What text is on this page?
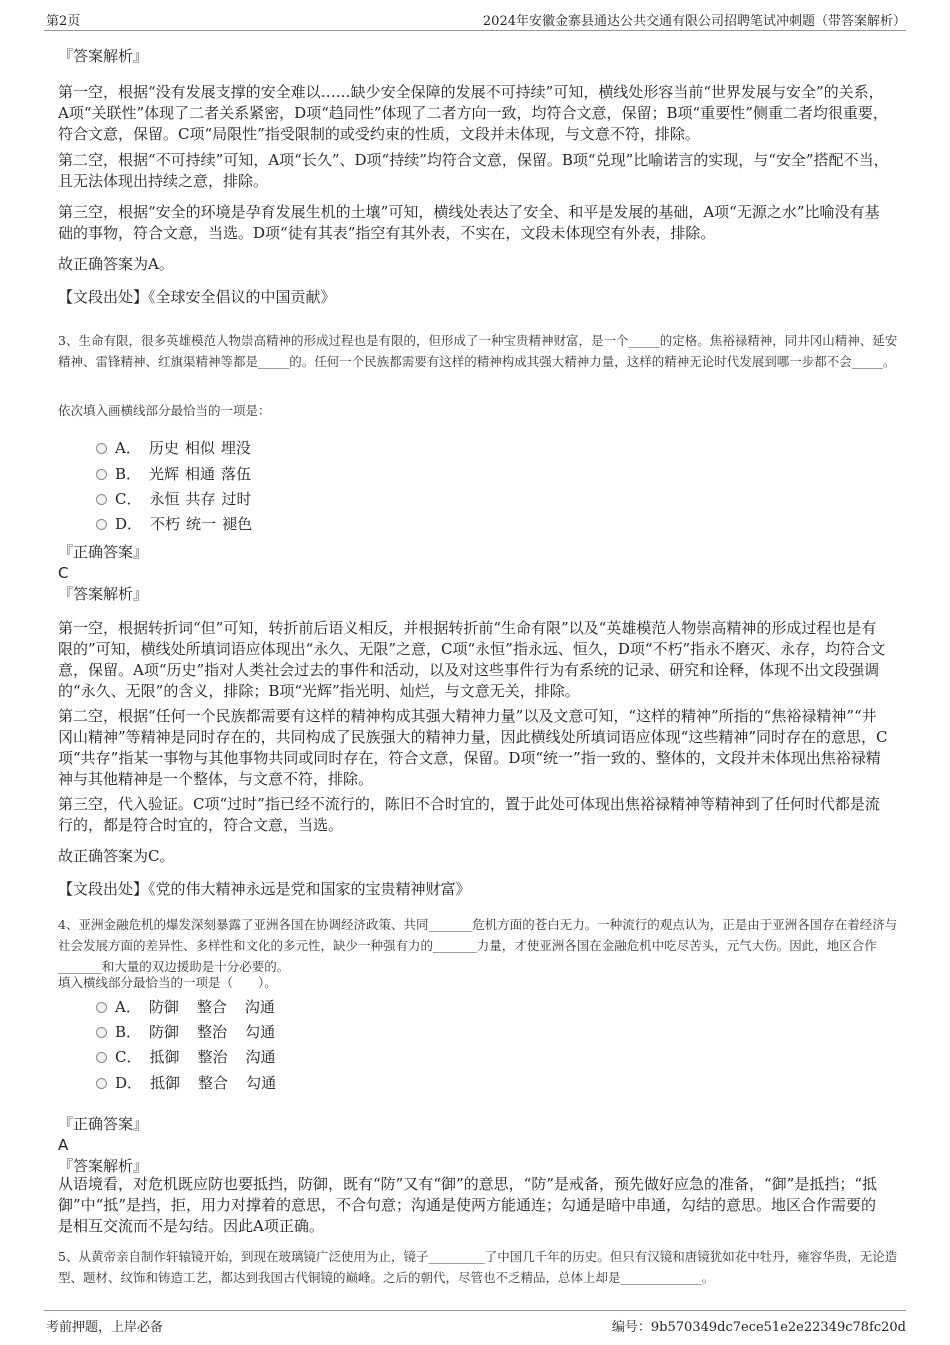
第2页	2024年安徽金寨县通达公共交通有限公司招聘笔试冲刺题（带答案解析）
『答案解析』
第一空，根据“没有发展支撑的安全难以……缺少安全保障的发展不可持续”可知，横线处形容当前“世界发展与安全”的关系，A项“关联性”体现了二者关系紧密，D项“趋同性”体现了二者方向一致，均符合文意，保留；B项“重要性”侧重二者均很重要，符合文意，保留。C项“局限性”指受限制的或受约束的性质，文段并未体现，与文意不符，排除。
第二空，根据“不可持续”可知，A项“长久”、D项“持续”均符合文意，保留。B项“兑现”比喻诺言的实现，与“安全”搭配不当，且无法体现出持续之意，排除。
第三空，根据“安全的环境是孕育发展生机的土壤”可知，横线处表达了安全、和平是发展的基础，A项“无源之水”比喻没有基础的事物，符合文意，当选。D项“徒有其表”指空有其外表，不实在，文段未体现空有外表，排除。
故正确答案为A。
【文段出处】《全球安全倡议的中国贡献》
3、生命有限，很多英雄模范人物崇高精神的形成过程也是有限的，但形成了一种宝贵精神财富，是一个_____的定格。焦裕禄精神，同井冈山精神、延安精神、雷锋精神、红旗渠精神等都是_____的。任何一个民族都需要有这样的精神构成其强大精神力量，这样的精神无论时代发展到哪一步都不会_____。
依次填入画横线部分最恰当的一项是：
A． 历史 相似 埋没
B． 光辉 相通 落伍
C． 永恒 共存 过时
D． 不朽 统一 褪色
『正确答案』
C
『答案解析』
第一空，根据转折词“但”可知，转折前后语义相反，并根据转折前“生命有限”以及“英雄模范人物崇高精神的形成过程也是有限的”可知，横线处所填词语应体现出“永久、无限”之意，C项“永恒”指永远、恒久，D项“不朽”指永不磨灭、永存，均符合文意，保留。A项“历史”指对人类社会过去的事件和活动，以及对这些事件行为有系统的记录、研究和诠释，体现不出文段强调的“永久、无限”的含义，排除；B项“光辉”指光明、灿烂，与文意无关，排除。
第二空，根据“任何一个民族都需要有这样的精神构成其强大精神力量”以及文意可知，“这样的精神”所指的“焦裕禄精神”“井冈山精神”等精神是同时存在的，共同构成了民族强大的精神力量，因此横线处所填词语应体现“这些精神”同时存在的意思，C项“共存”指某一事物与其他事物共同或同时存在，符合文意，保留。D项“统一”指一致的、整体的，文段并未体现出焦裕禄精神与其他精神是一个整体，与文意不符，排除。
第三空，代入验证。C项“过时”指已经不流行的，陈旧不合时宜的，置于此处可体现出焦裕禄精神等精神到了任何时代都是流行的，都是符合时宜的，符合文意，当选。
故正确答案为C。
【文段出处】《党的伟大精神永远是党和国家的宝贵精神财富》
4、亚洲金融危机的爆发深刻暴露了亚洲各国在协调经济政策、共同_______危机方面的苍白无力。一种流行的观点认为，正是由于亚洲各国存在着经济与社会发展方面的差异性、多样性和文化的多元性，缺少一种强有力的_______力量，才使亚洲各国在金融危机中吃尽苦头，元气大伤。因此，地区合作_______和大量的双边援助是十分必要的。
填入横线部分最恰当的一项是（　　）。
A． 防御 整合 沟通
B． 防御 整治 勾通
C． 抵御 整治 沟通
D． 抵御 整合 勾通
『正确答案』
A
『答案解析』
从语境看，对危机既应防也要抵挡，防御，既有“防”又有“御”的意思，“防”是戒备，预先做好应急的准备，“御”是抵挡；“抵御”中“抵”是挡，拒，用力对撑着的意思，不合句意；沟通是使两方能通连；勾通是暗中串通，勾结的意思。地区合作需要的是相互交流而不是勾结。因此A项正确。
5、从黄帝亲自制作轩辕镜开始，到现在玻璃镜广泛使用为止，镜子_________了中国几千年的历史。但只有汉镜和唐镜犹如花中牡丹，雍容华贵，无论造型、题材、纹饰和铸造工艺，都达到我国古代铜镜的巅峰。之后的朝代，尽管也不乏精品，总体上却是_____________。
考前押题，上岸必备	编号：9b570349dc7ece51e2e22349c78fc20d
